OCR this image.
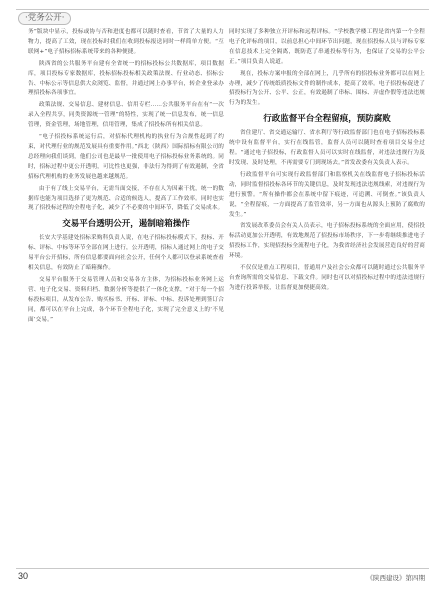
·党务公开·

务”版块中显示，投标或协与否和进度也都可以随时查看，节省了大量的人力物力，提高了工效，现在投标时我们在收到投标报送同时一样简单方便。“互联网+”电子招标招标系统带来的各种便捷。

陕西省的公共服务平台建有全省统一的招标投标公共数据库，项目数据库，项目投标专家数据库，投标招标投标相关政策法规、行业动态、招标公告、中标公示等信息供大众浏览、监督，并通过网上办事平台，转企业登录办理招投标各项事宜。

政策法规、交易信息、建材信息、信用专栏……公共服务平台在有“一次录入全程共享，同类资源统一管理”的特性，实现了统一信息发布，统一信息管理，资金管理，场地管理，信用管理，集成了招投标所有相关信息。

“电子招投标系统运行后，对招标代理机构的执业行为合规性起到了约束，对代理行业的规范发展具有重要作用。”西北（陕西）国际招标有限公司的总经理向我们谈到，他们公司也是最早一批使用电子招标投标业务系统的。同时，招标过程中更公开透明，可比性也更强，非法行为得到了有效遏制，全省招标代理机构的业务发展也越来越规范。

由于有了线上交易平台，无需当面交接，不存在人为因素干扰，统一的数据库也能为项目选择了更为规范、合适的候选人，提高了工作效率。同时也实现了招投标过程的全程电子化，减少了不必要的中间环节，降低了交易成本。

交易平台透明公开，遏制暗箱操作

长安大学基建处招标采购科负责人说，在电子招标投标模式下，投标、开标、评标、中标等环节全部在网上进行，公开透明，招标人通过网上的电子交易平台公开招标，所有信息都要面向社会公开，任何个人都可以登录系统查看相关信息，有效防止了暗箱操作。

交易平台服务于交易管理人员和交易各方主体，为招标投标业务网上运营、电子化交易、资料归档、数据分析等提供了一体化支撑，“对于每一个招标投标项目，从发布公告、购买标书、开标、评标、中标、投诉处理到签订合同，都可以在平台上完成，各个环节全程电子化，实现了完全意义上的‘不见面’交易。”

同时实现了多种独立开评标和远程评标。“学校教学楼工程是省内第一个全程电子化评标的项目，以前总担心中间环节出问题，现在招投标人员与评标专家在信息技术上完全隔离，既防范了串通投标等行为，也保证了交易的公平公正。”项目负责人说道。

现在，投标方案申报的全部在网上，几乎所有的招投标业务都可以在网上办理，减少了传统纸质投标文件的制作成本，提高了效率。电子招投标促进了招投标行为公开、公平、公正，有效遏制了串标、围标、弄虚作假等违法违规行为的发生。

行政监督平台全程留痕，预防腐败

省住建厅、省交通运输厅、省水利厅等行政监督部门也在电子招标投标系统中设有监督平台，实行在线监管，监督人员可以随时查看项目交易全过程。“通过电子招投标，行政监督人员可以实时在线监督，对违法违规行为及时发现、及时处理，不再需要专门到现场去。”省发改委有关负责人表示。

行政监督平台可实现行政监督部门和监察机关在线监督电子招标投标活动，同时监督招投标各环节的关键信息，及时发现违法违规线索，对违规行为进行预警。“所有操作都会在系统中留下痕迹，可追溯、可倒查。”该负责人说，“全程留痕，一方面提高了监管效率，另一方面也从源头上预防了腐败的发生。”

省发展改革委员会有关人员表示，电子招标投标系统的全面应用，使招投标活动更加公开透明，有效地规范了招投标市场秩序，下一步将继续推进电子招投标工作，实现招投标全流程电子化，为我省经济社会发展营造良好的营商环境。

不仅仅是重点工程项目，普通用户及社会公众都可以随时通过公共服务平台查询所需的交易信息、下载文件。同时也可以对招投标过程中的违法违规行为进行投诉举报，让监督更加便捷高效。

30	《陕西建设》第四期
